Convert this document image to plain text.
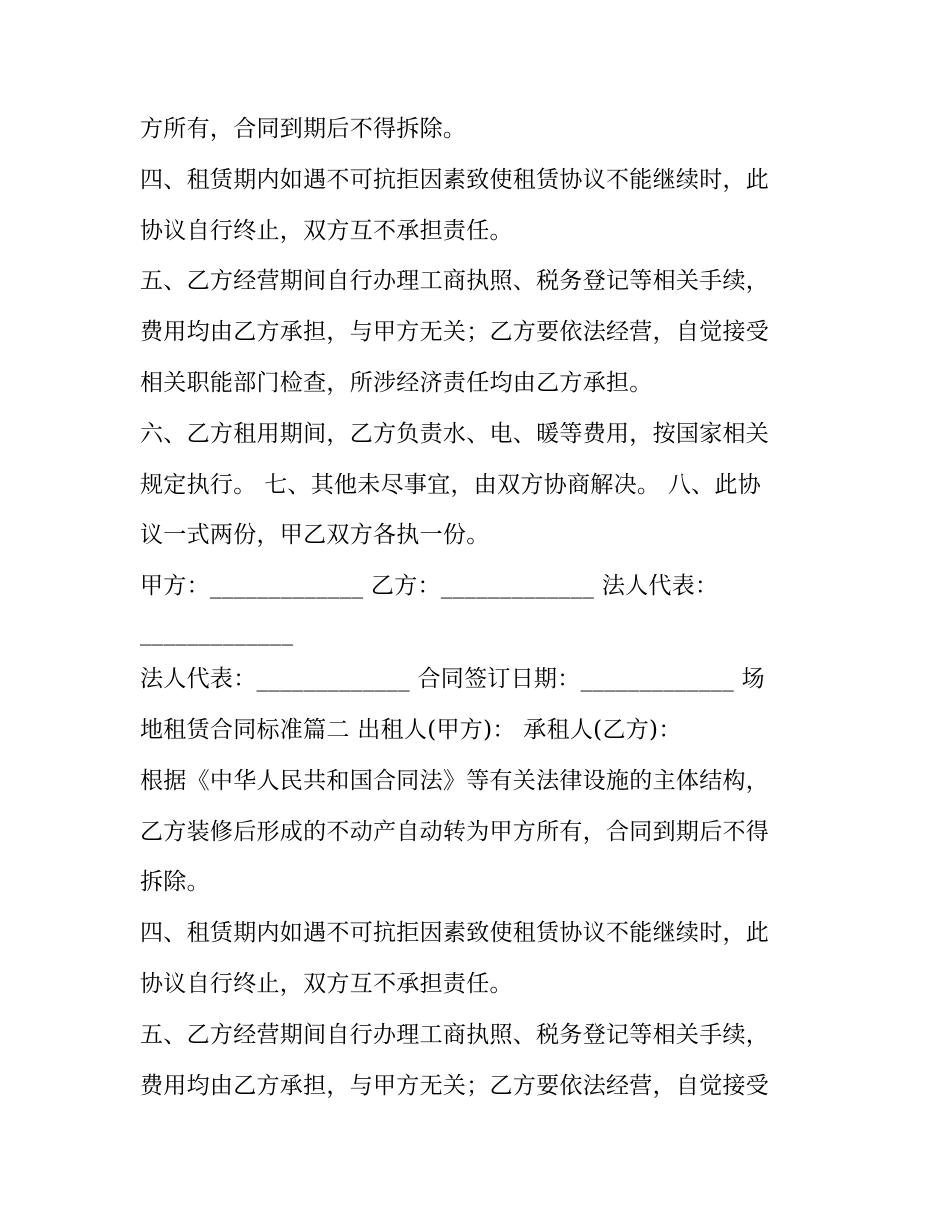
方所有，合同到期后不得拆除。
四、租赁期内如遇不可抗拒因素致使租赁协议不能继续时，此
协议自行终止，双方互不承担责任。
五、乙方经营期间自行办理工商执照、税务登记等相关手续，
费用均由乙方承担，与甲方无关；乙方要依法经营，自觉接受
相关职能部门检查，所涉经济责任均由乙方承担。
六、乙方租用期间，乙方负责水、电、暖等费用，按国家相关
规定执行。 七、其他未尽事宜，由双方协商解决。 八、此协
议一式两份，甲乙双方各执一份。
甲方：_____________ 乙方：_____________ 法人代表：
_____________
法人代表：_____________ 合同签订日期：_____________ 场
地租赁合同标准篇二 出租人(甲方)： 承租人(乙方)：
根据《中华人民共和国合同法》等有关法律设施的主体结构，
乙方装修后形成的不动产自动转为甲方所有，合同到期后不得
拆除。
四、租赁期内如遇不可抗拒因素致使租赁协议不能继续时，此
协议自行终止，双方互不承担责任。
五、乙方经营期间自行办理工商执照、税务登记等相关手续，
费用均由乙方承担，与甲方无关；乙方要依法经营，自觉接受
